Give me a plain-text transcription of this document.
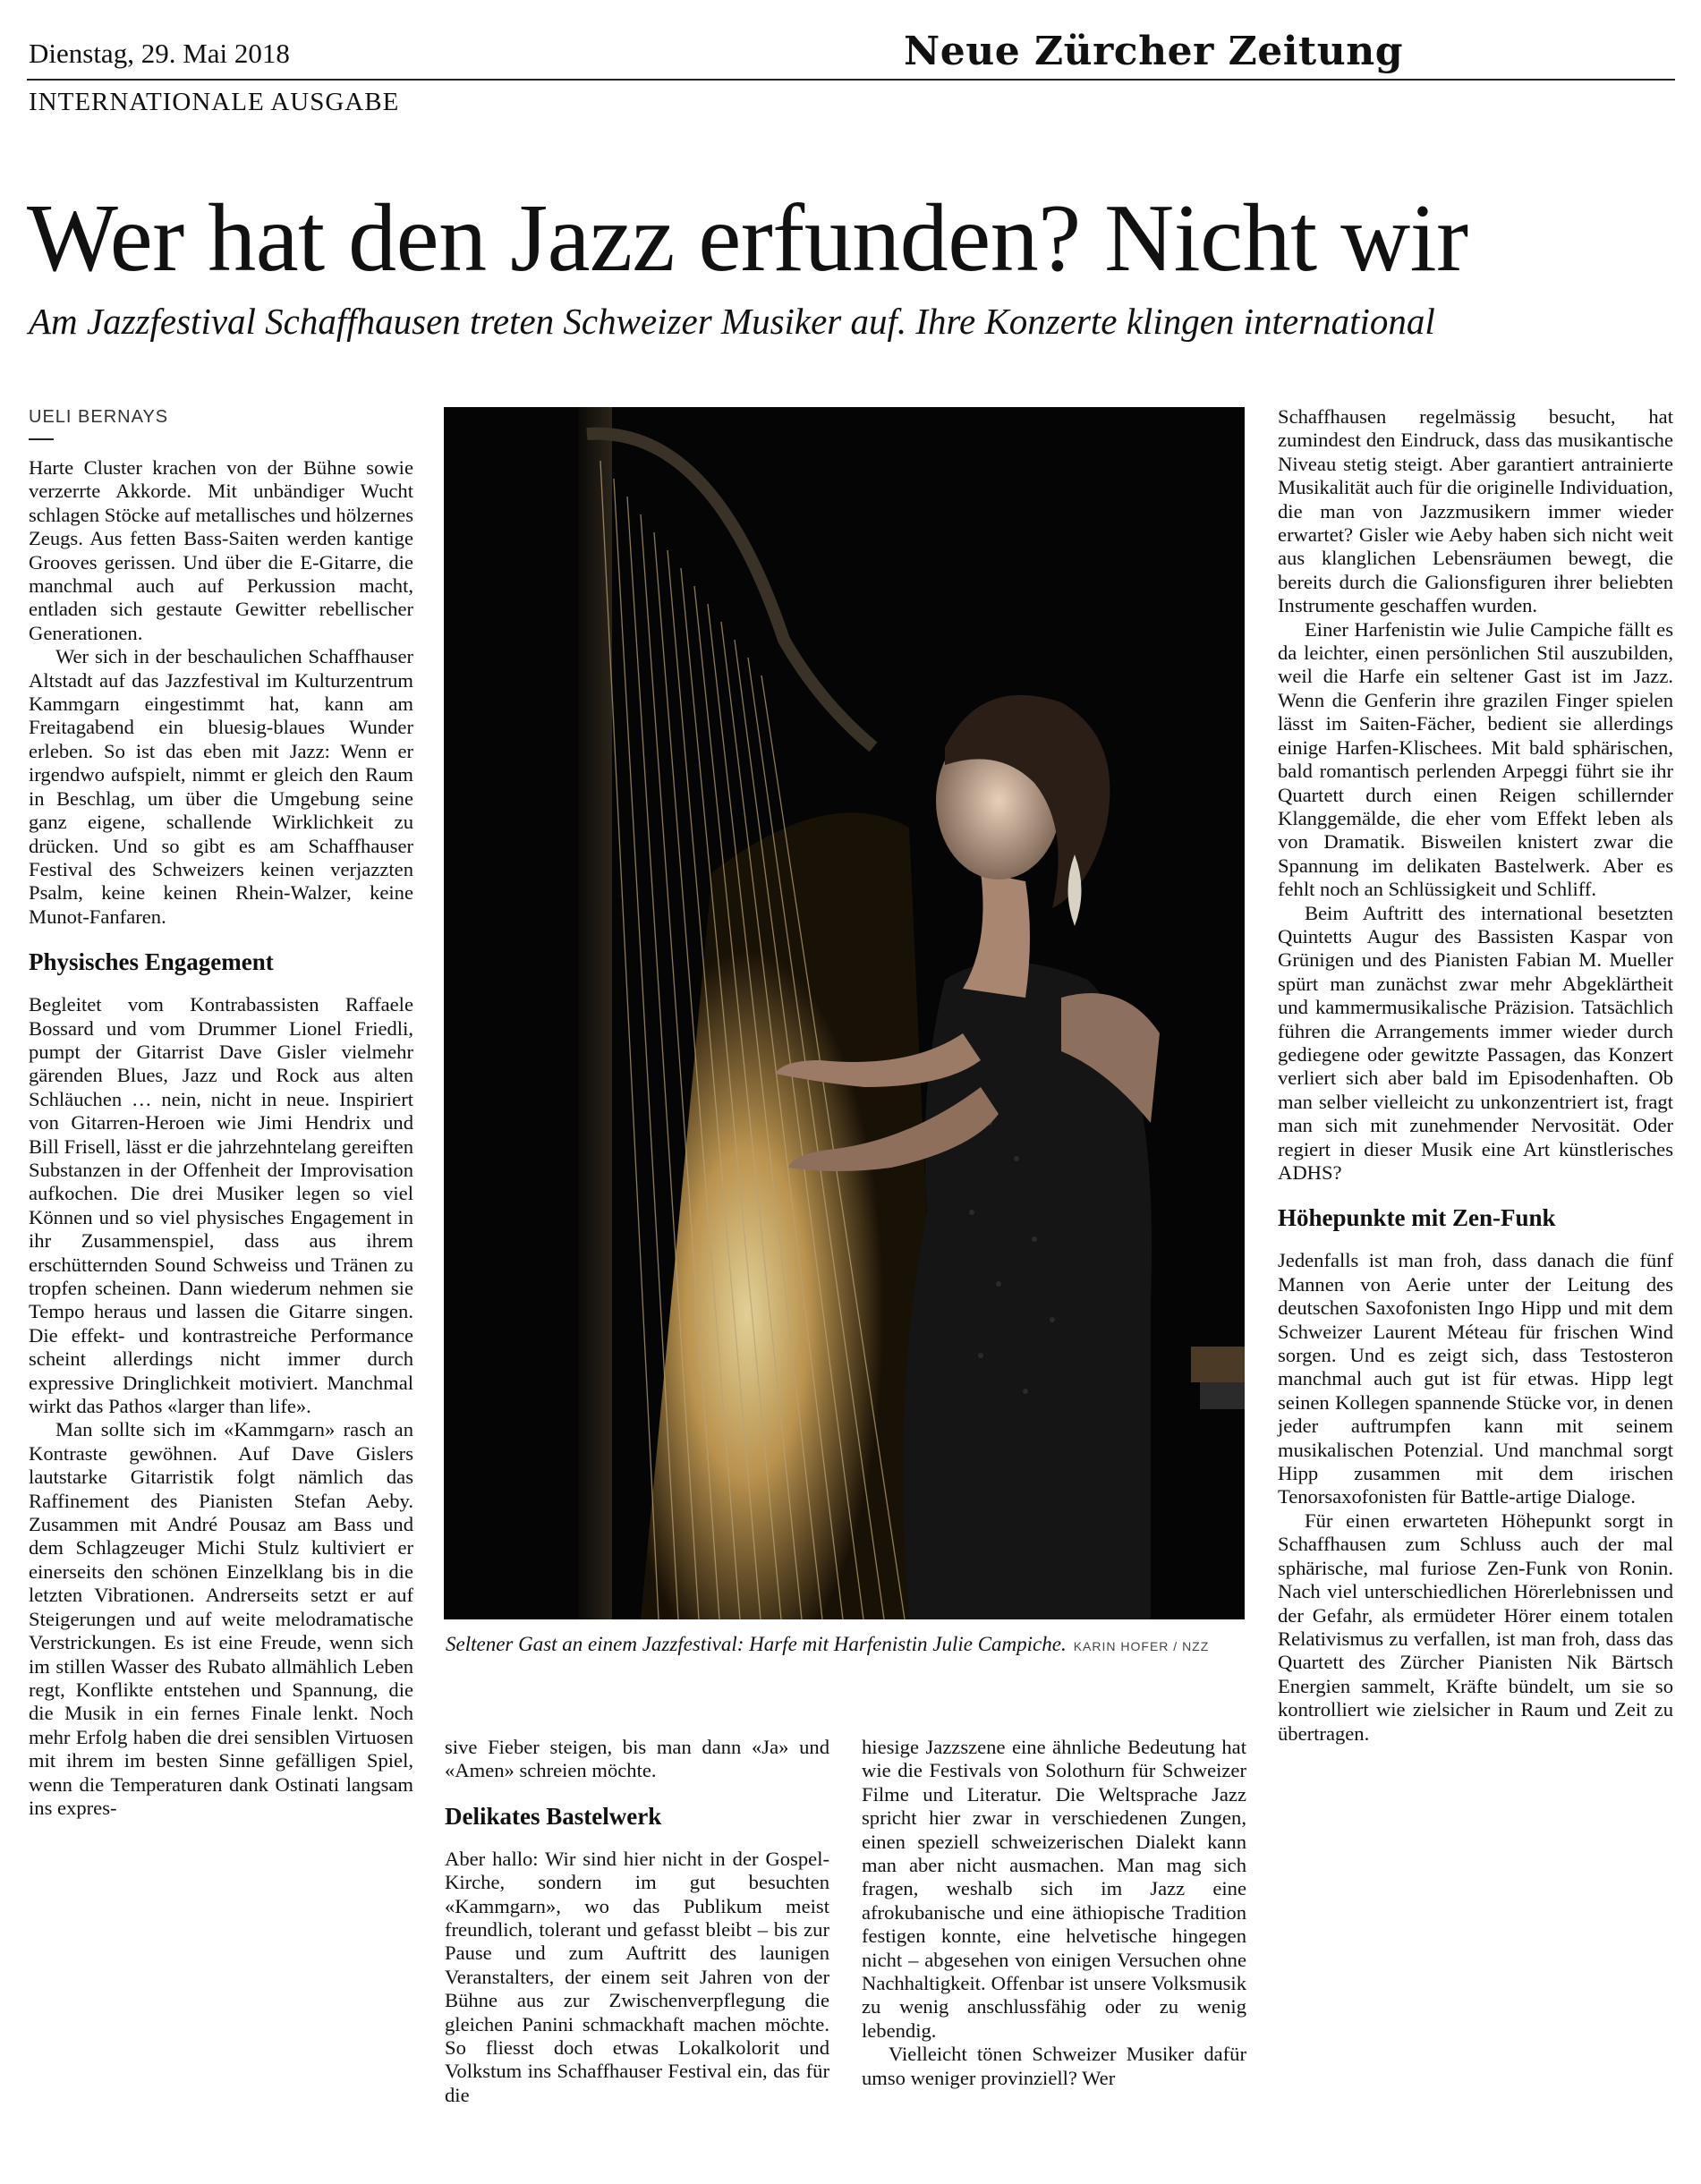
Dienstag, 29. Mai 2018	Neue Zürcher Zeitung
INTERNATIONALE AUSGABE
Wer hat den Jazz erfunden? Nicht wir
Am Jazzfestival Schaffhausen treten Schweizer Musiker auf. Ihre Konzerte klingen international
UELI BERNAYS

Harte Cluster krachen von der Bühne sowie verzerrte Akkorde. Mit unbändiger Wucht schlagen Stöcke auf metallisches und hölzernes Zeugs. Aus fetten Bass-Saiten werden kantige Grooves gerissen. Und über die E-Gitarre, die manchmal auch auf Perkussion macht, entladen sich gestaute Gewitter rebellischer Generationen.

Wer sich in der beschaulichen Schaffhauser Altstadt auf das Jazzfestival im Kulturzentrum Kammgarn eingestimmt hat, kann am Freitagabend ein bluesig-blaues Wunder erleben. So ist das eben mit Jazz: Wenn er irgendwo aufspielt, nimmt er gleich den Raum in Beschlag, um über die Umgebung seine ganz eigene, schallende Wirklichkeit zu drücken. Und so gibt es am Schaffhauser Festival des Schweizers keinen verjazzten Psalm, keine keinen Rhein-Walzer, keine Munot-Fanfaren.

Physisches Engagement

Begleitet vom Kontrabassisten Raffaele Bossard und vom Drummer Lionel Friedli, pumpt der Gitarrist Dave Gisler vielmehr gärenden Blues, Jazz und Rock aus alten Schläuchen … nein, nicht in neue. Inspiriert von Gitarren-Heroen wie Jimi Hendrix und Bill Frisell, lässt er die jahrzehntelang gereiften Substanzen in der Offenheit der Improvisation aufkochen. Die drei Musiker legen so viel Können und so viel physisches Engagement in ihr Zusammenspiel, dass aus ihrem erschütternden Sound Schweiss und Tränen zu tropfen scheinen. Dann wiederum nehmen sie Tempo heraus und lassen die Gitarre singen. Die effekt- und kontrastreiche Performance scheint allerdings nicht immer durch expressive Dringlichkeit motiviert. Manchmal wirkt das Pathos «larger than life».

Man sollte sich im «Kammgarn» rasch an Kontraste gewöhnen. Auf Dave Gislers lautstarke Gitarristik folgt nämlich das Raffinement des Pianisten Stefan Aeby. Zusammen mit André Pousaz am Bass und dem Schlagzeuger Michi Stulz kultiviert er einerseits den schönen Einzelklang bis in die letzten Vibrationen. Andrerseits setzt er auf Steigerungen und auf weite melodramatische Verstrickungen. Es ist eine Freude, wenn sich im stillen Wasser des Rubato allmählich Leben regt, Konflikte entstehen und Spannung, die die Musik in ein fernes Finale lenkt. Noch mehr Erfolg haben die drei sensiblen Virtuosen mit ihrem im besten Sinne gefälligen Spiel, wenn die Temperaturen dank Ostinati langsam ins expres-

Seltener Gast an einem Jazzfestival: Harfe mit Harfenistin Julie Campiche. KARIN HOFER / NZZ

sive Fieber steigen, bis man dann «Ja» und «Amen» schreien möchte.

Delikates Bastelwerk

Aber hallo: Wir sind hier nicht in der Gospel-Kirche, sondern im gut besuchten «Kammgarn», wo das Publikum meist freundlich, tolerant und gefasst bleibt – bis zur Pause und zum Auftritt des launigen Veranstalters, der einem seit Jahren von der Bühne aus zur Zwischenverpflegung die gleichen Panini schmackhaft machen möchte. So fliesst doch etwas Lokalkolorit und Volkstum ins Schaffhauser Festival ein, das für die

hiesige Jazzszene eine ähnliche Bedeutung hat wie die Festivals von Solothurn für Schweizer Filme und Literatur. Die Weltsprache Jazz spricht hier zwar in verschiedenen Zungen, einen speziell schweizerischen Dialekt kann man aber nicht ausmachen. Man mag sich fragen, weshalb sich im Jazz eine afrokubanische und eine äthiopische Tradition festigen konnte, eine helvetische hingegen nicht – abgesehen von einigen Versuchen ohne Nachhaltigkeit. Offenbar ist unsere Volksmusik zu wenig anschlussfähig oder zu wenig lebendig.

Vielleicht tönen Schweizer Musiker dafür umso weniger provinziell? Wer

Schaffhausen regelmässig besucht, hat zumindest den Eindruck, dass das musikantische Niveau stetig steigt. Aber garantiert antrainierte Musikalität auch für die originelle Individuation, die man von Jazzmusikern immer wieder erwartet? Gisler wie Aeby haben sich nicht weit aus klanglichen Lebensräumen bewegt, die bereits durch die Galionsfiguren ihrer beliebten Instrumente geschaffen wurden.

Einer Harfenistin wie Julie Campiche fällt es da leichter, einen persönlichen Stil auszubilden, weil die Harfe ein seltener Gast ist im Jazz. Wenn die Genferin ihre grazilen Finger spielen lässt im Saiten-Fächer, bedient sie allerdings einige Harfen-Klischees. Mit bald sphärischen, bald romantisch perlenden Arpeggi führt sie ihr Quartett durch einen Reigen schillernder Klanggemälde, die eher vom Effekt leben als von Dramatik. Bisweilen knistert zwar die Spannung im delikaten Bastelwerk. Aber es fehlt noch an Schlüssigkeit und Schliff.

Beim Auftritt des international besetzten Quintetts Augur des Bassisten Kaspar von Grünigen und des Pianisten Fabian M. Mueller spürt man zunächst zwar mehr Abgeklärtheit und kammermusikalische Präzision. Tatsächlich führen die Arrangements immer wieder durch gediegene oder gewitzte Passagen, das Konzert verliert sich aber bald im Episodenhaften. Ob man selber vielleicht zu unkonzentriert ist, fragt man sich mit zunehmender Nervosität. Oder regiert in dieser Musik eine Art künstlerisches ADHS?

Höhepunkte mit Zen-Funk

Jedenfalls ist man froh, dass danach die fünf Mannen von Aerie unter der Leitung des deutschen Saxofonisten Ingo Hipp und mit dem Schweizer Laurent Méteau für frischen Wind sorgen. Und es zeigt sich, dass Testosteron manchmal auch gut ist für etwas. Hipp legt seinen Kollegen spannende Stücke vor, in denen jeder auftrumpfen kann mit seinem musikalischen Potenzial. Und manchmal sorgt Hipp zusammen mit dem irischen Tenorsaxofonisten für Battle-artige Dialoge.

Für einen erwarteten Höhepunkt sorgt in Schaffhausen zum Schluss auch der mal sphärische, mal furiose Zen-Funk von Ronin. Nach viel unterschiedlichen Hörerlebnissen und der Gefahr, als ermüdeter Hörer einem totalen Relativismus zu verfallen, ist man froh, dass das Quartett des Zürcher Pianisten Nik Bärtsch Energien sammelt, Kräfte bündelt, um sie so kontrolliert wie zielsicher in Raum und Zeit zu übertragen.
